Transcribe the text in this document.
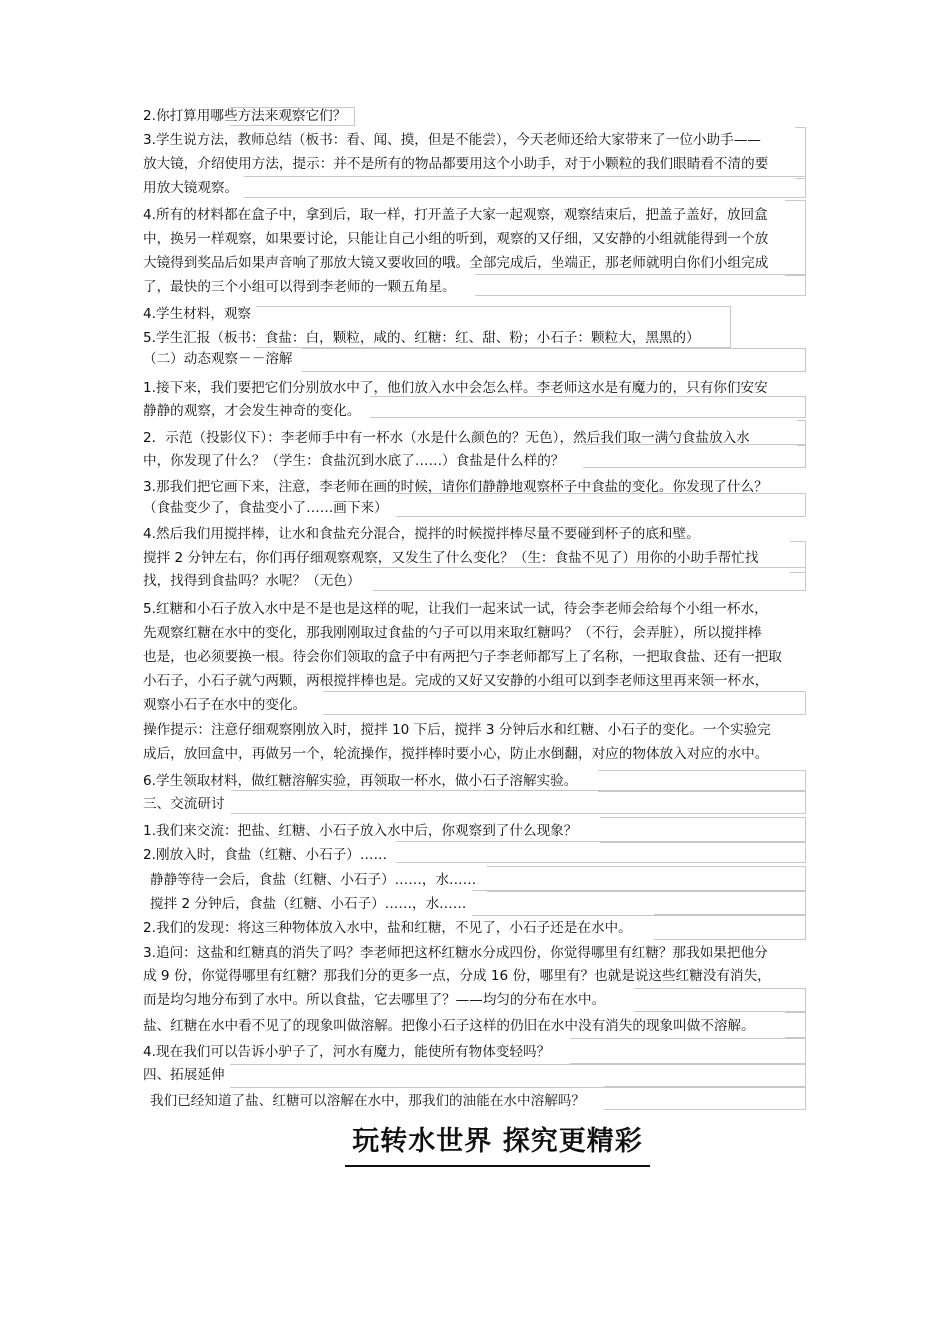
2.你打算用哪些方法来观察它们？
3.学生说方法，教师总结（板书：看、闻、摸，但是不能尝），今天老师还给大家带来了一位小助手——
放大镜，介绍使用方法，提示：并不是所有的物品都要用这个小助手，对于小颗粒的我们眼睛看不清的要
用放大镜观察。
4.所有的材料都在盒子中，拿到后，取一样，打开盖子大家一起观察，观察结束后，把盖子盖好，放回盒
中，换另一样观察，如果要讨论，只能让自己小组的听到，观察的又仔细，又安静的小组就能得到一个放
大镜得到奖品后如果声音响了那放大镜又要收回的哦。全部完成后，坐端正，那老师就明白你们小组完成
了，最快的三个小组可以得到李老师的一颗五角星。
4.学生材料，观察
5.学生汇报（板书：食盐：白，颗粒，咸的、红糖：红、甜、粉；小石子：颗粒大，黑黑的）
（二）动态观察－－溶解
1.接下来，我们要把它们分别放水中了，他们放入水中会怎么样。李老师这水是有魔力的，只有你们安安
静静的观察，才会发生神奇的变化。
2．示范（投影仪下）：李老师手中有一杯水（水是什么颜色的？无色），然后我们取一满勺食盐放入水
中，你发现了什么？（学生：食盐沉到水底了……）食盐是什么样的？
3.那我们把它画下来，注意，李老师在画的时候，请你们静静地观察杯子中食盐的变化。你发现了什么？
（食盐变少了，食盐变小了……画下来）
4.然后我们用搅拌棒，让水和食盐充分混合，搅拌的时候搅拌棒尽量不要碰到杯子的底和壁。
搅拌 2 分钟左右，你们再仔细观察观察，又发生了什么变化？（生：食盐不见了）用你的小助手帮忙找
找，找得到食盐吗？水呢？（无色）
5.红糖和小石子放入水中是不是也是这样的呢，让我们一起来试一试，待会李老师会给每个小组一杯水，
先观察红糖在水中的变化，那我刚刚取过食盐的勺子可以用来取红糖吗？（不行，会弄脏），所以搅拌棒
也是，也必须要换一根。待会你们领取的盒子中有两把勺子李老师都写上了名称，一把取食盐、还有一把取
小石子，小石子就勺两颗，两根搅拌棒也是。完成的又好又安静的小组可以到李老师这里再来领一杯水，
观察小石子在水中的变化。
操作提示：注意仔细观察刚放入时，搅拌 10 下后，搅拌 3 分钟后水和红糖、小石子的变化。一个实验完
成后，放回盒中，再做另一个，轮流操作，搅拌棒时要小心，防止水倒翻，对应的物体放入对应的水中。
6.学生领取材料，做红糖溶解实验，再领取一杯水，做小石子溶解实验。
三、交流研讨
1.我们来交流：把盐、红糖、小石子放入水中后，你观察到了什么现象？
2.刚放入时，食盐（红糖、小石子）……
静静等待一会后，食盐（红糖、小石子）……，水……
搅拌 2 分钟后，食盐（红糖、小石子）……，水……
2.我们的发现：将这三种物体放入水中，盐和红糖，不见了，小石子还是在水中。
3.追问：这盐和红糖真的消失了吗？李老师把这杯红糖水分成四份，你觉得哪里有红糖？那我如果把他分
成 9 份，你觉得哪里有红糖？那我们分的更多一点，分成 16 份，哪里有？也就是说这些红糖没有消失，
而是均匀地分布到了水中。所以食盐，它去哪里了？——均匀的分布在水中。
盐、红糖在水中看不见了的现象叫做溶解。把像小石子这样的仍旧在水中没有消失的现象叫做不溶解。
4.现在我们可以告诉小驴子了，河水有魔力，能使所有物体变轻吗？
四、拓展延伸
我们已经知道了盐、红糖可以溶解在水中，那我们的油能在水中溶解吗？
玩转水世界 探究更精彩
